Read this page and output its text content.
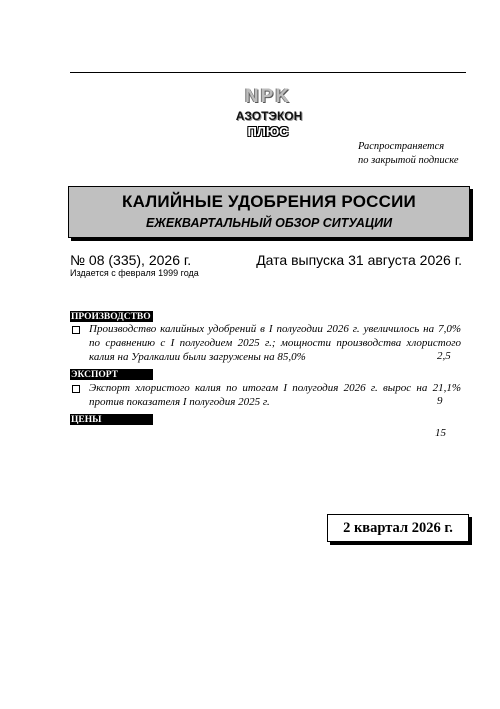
NPK
АЗОТЭКОН
ПЛЮС
Распространяется
по закрытой подписке
КАЛИЙНЫЕ УДОБРЕНИЯ РОССИИ
ЕЖЕКВАРТАЛЬНЫЙ ОБЗОР СИТУАЦИИ
№ 08 (335), 2026 г.
Издается с февраля 1999 года
Дата выпуска 31 августа 2026 г.
ПРОИЗВОДСТВО
Производство калийных удобрений в I полугодии 2026 г. увеличилось на 7,0% по сравнению с I полугодием 2025 г.; мощности производства хлористого калия на Уралкалии были загружены на 85,0%	2,5
ЭКСПОРТ
Экспорт хлористого калия по итогам I полугодия 2026 г. вырос на 21,1% против показателя I полугодия 2025 г.	9
ЦЕНЫ
15
2 квартал 2026 г.
